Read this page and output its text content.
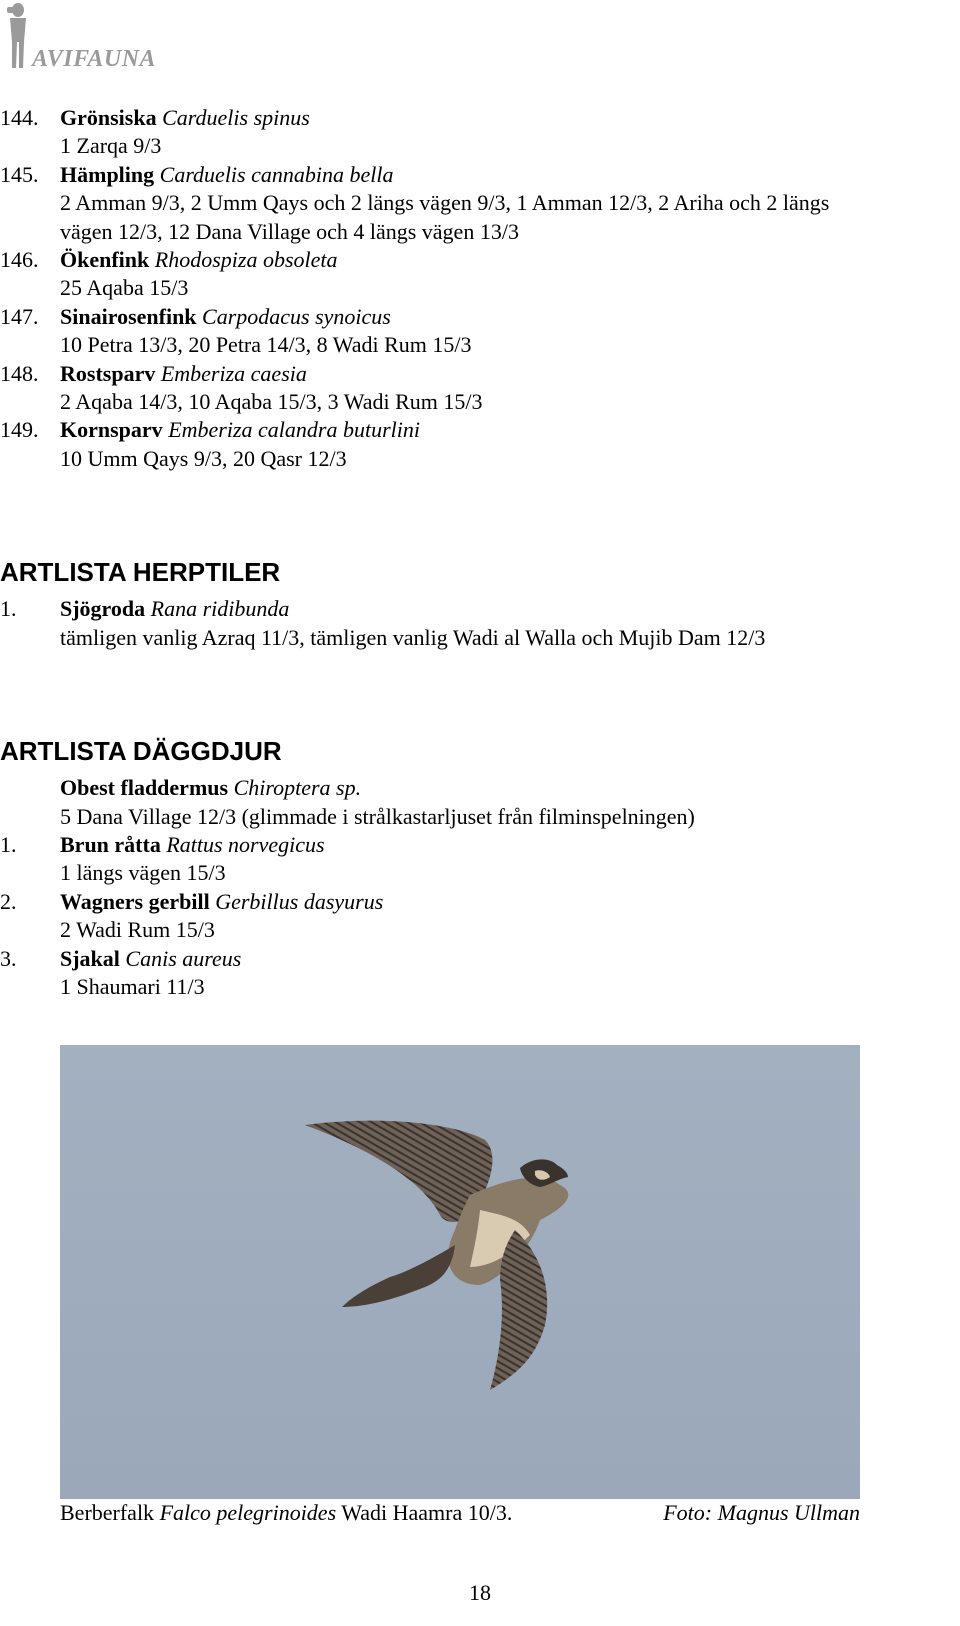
AVIFAUNA
144. Grönsiska Carduelis spinus
1 Zarqa 9/3
145. Hämpling Carduelis cannabina bella
2 Amman 9/3, 2 Umm Qays och 2 längs vägen 9/3, 1 Amman 12/3, 2 Ariha och 2 längs
vägen 12/3, 12 Dana Village och 4 längs vägen 13/3
146. Ökenfink Rhodospiza obsoleta
25 Aqaba 15/3
147. Sinairosenfink Carpodacus synoicus
10 Petra 13/3, 20 Petra 14/3, 8 Wadi Rum 15/3
148. Rostsparv Emberiza caesia
2 Aqaba 14/3, 10 Aqaba 15/3, 3 Wadi Rum 15/3
149. Kornsparv Emberiza calandra buturlini
10 Umm Qays 9/3, 20 Qasr 12/3
ARTLISTA HERPTILER
1.	Sjögroda Rana ridibunda
tämligen vanlig Azraq 11/3, tämligen vanlig Wadi al Walla och Mujib Dam 12/3
ARTLISTA DÄGGDJUR
Obest fladdermus Chiroptera sp.
5 Dana Village 12/3 (glimmade i strålkastarljuset från filminspelningen)
1.	Brun råtta Rattus norvegicus
1 längs vägen 15/3
2.	Wagners gerbill Gerbillus dasyurus
2 Wadi Rum 15/3
3.	Sjakal Canis aureus
1 Shaumari 11/3
Berberfalk Falco pelegrinoides Wadi Haamra 10/3.	Foto: Magnus Ullman
18
